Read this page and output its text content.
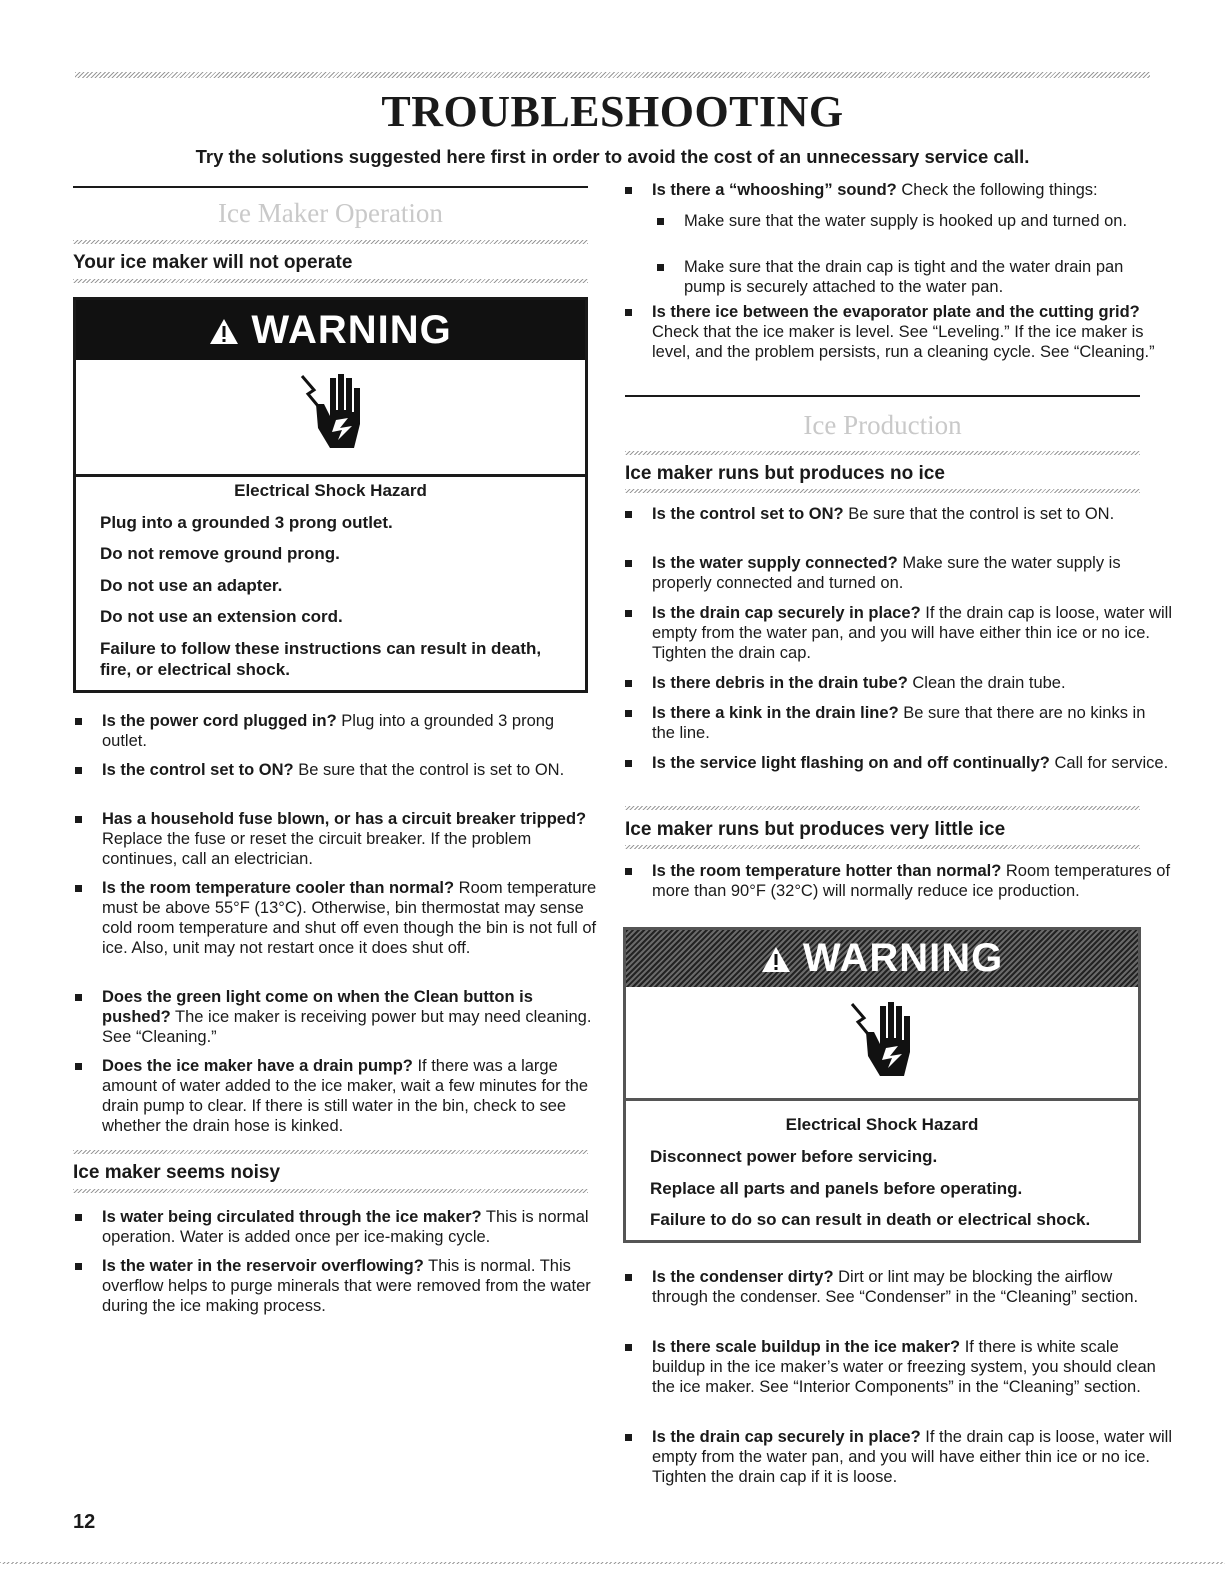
TROUBLESHOOTING

Try the solutions suggested here first in order to avoid the cost of an unnecessary service call.

Ice Maker Operation
Your ice maker will not operate
WARNING
Electrical Shock Hazard
Plug into a grounded 3 prong outlet.
Do not remove ground prong.
Do not use an adapter.
Do not use an extension cord.
Failure to follow these instructions can result in death,
fire, or electrical shock.
Is the power cord plugged in? Plug into a grounded 3 prong outlet.
Is the control set to ON? Be sure that the control is set to ON.
Has a household fuse blown, or has a circuit breaker tripped? Replace the fuse or reset the circuit breaker. If the problem continues, call an electrician.
Is the room temperature cooler than normal? Room temperature must be above 55°F (13°C). Otherwise, bin thermostat may sense cold room temperature and shut off even though the bin is not full of ice. Also, unit may not restart once it does shut off.
Does the green light come on when the Clean button is pushed? The ice maker is receiving power but may need cleaning. See “Cleaning.”
Does the ice maker have a drain pump? If there was a large amount of water added to the ice maker, wait a few minutes for the drain pump to clear. If there is still water in the bin, check to see whether the drain hose is kinked.
Ice maker seems noisy
Is water being circulated through the ice maker? This is normal operation. Water is added once per ice-making cycle.
Is the water in the reservoir overflowing? This is normal. This overflow helps to purge minerals that were removed from the water during the ice making process.
Is there a “whooshing” sound? Check the following things:
Make sure that the water supply is hooked up and turned on.
Make sure that the drain cap is tight and the water drain pan pump is securely attached to the water pan.
Is there ice between the evaporator plate and the cutting grid? Check that the ice maker is level. See “Leveling.” If the ice maker is level, and the problem persists, run a cleaning cycle. See “Cleaning.”
Ice Production
Ice maker runs but produces no ice
Is the control set to ON? Be sure that the control is set to ON.
Is the water supply connected? Make sure the water supply is properly connected and turned on.
Is the drain cap securely in place? If the drain cap is loose, water will empty from the water pan, and you will have either thin ice or no ice. Tighten the drain cap.
Is there debris in the drain tube? Clean the drain tube.
Is there a kink in the drain line? Be sure that there are no kinks in the line.
Is the service light flashing on and off continually? Call for service.
Ice maker runs but produces very little ice
Is the room temperature hotter than normal? Room temperatures of more than 90°F (32°C) will normally reduce ice production.
WARNING
Electrical Shock Hazard
Disconnect power before servicing.
Replace all parts and panels before operating.
Failure to do so can result in death or electrical shock.
Is the condenser dirty? Dirt or lint may be blocking the airflow through the condenser. See “Condenser” in the “Cleaning” section.
Is there scale buildup in the ice maker? If there is white scale buildup in the ice maker’s water or freezing system, you should clean the ice maker. See “Interior Components” in the “Cleaning” section.
Is the drain cap securely in place? If the drain cap is loose, water will empty from the water pan, and you will have either thin ice or no ice. Tighten the drain cap if it is loose.
12
